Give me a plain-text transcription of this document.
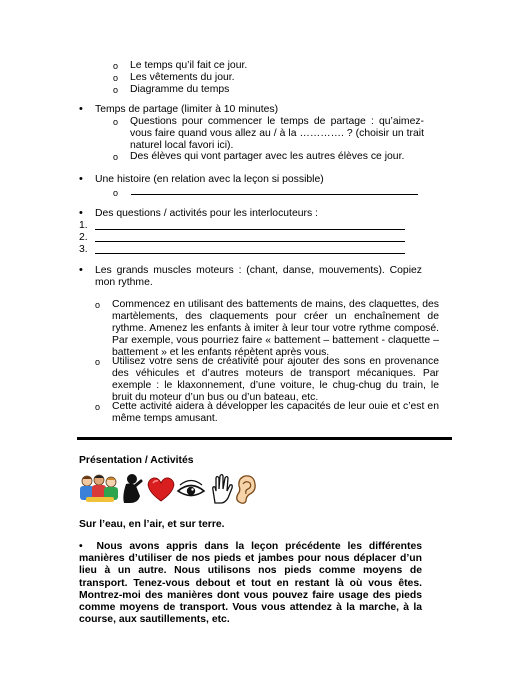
o Le temps qu’il fait ce jour.
o Les vêtements du jour.
o Diagramme du temps
• Temps de partage (limiter à 10 minutes)
o Questions pour commencer le temps de partage : qu’aimez-vous faire quand vous allez au / à la …………. ? (choisir un trait naturel local favori ici).
o Des élèves qui vont partager avec les autres élèves ce jour.
• Une histoire (en relation avec la leçon si possible)
o
• Des questions / activités pour les interlocuteurs :
1.
2.
3.
• Les grands muscles moteurs : (chant, danse, mouvements). Copiez mon rythme.
o Commencez en utilisant des battements de mains, des claquettes, des martèlements, des claquements pour créer un enchaînement de rythme. Amenez les enfants à imiter à leur tour votre rythme composé. Par exemple, vous pourriez faire « battement – battement - claquette – battement » et les enfants répètent après vous.
o Utilisez votre sens de créativité pour ajouter des sons en provenance des véhicules et d’autres moteurs de transport mécaniques. Par exemple : le klaxonnement, d’une voiture, le chug-chug du train, le bruit du moteur d’un bus ou d’un bateau, etc.
o Cette activité aidera à développer les capacités de leur ouie et c’est en même temps amusant.
Présentation / Activités
Sur l’eau, en l’air, et sur terre.
• Nous avons appris dans la leçon précédente les différentes manières d’utiliser de nos pieds et jambes pour nous déplacer d’un lieu à un autre. Nous utilisons nos pieds comme moyens de transport. Tenez-vous debout et tout en restant là où vous êtes. Montrez-moi des manières dont vous pouvez faire usage des pieds comme moyens de transport. Vous vous attendez à la marche, à la course, aux sautillements, etc.
